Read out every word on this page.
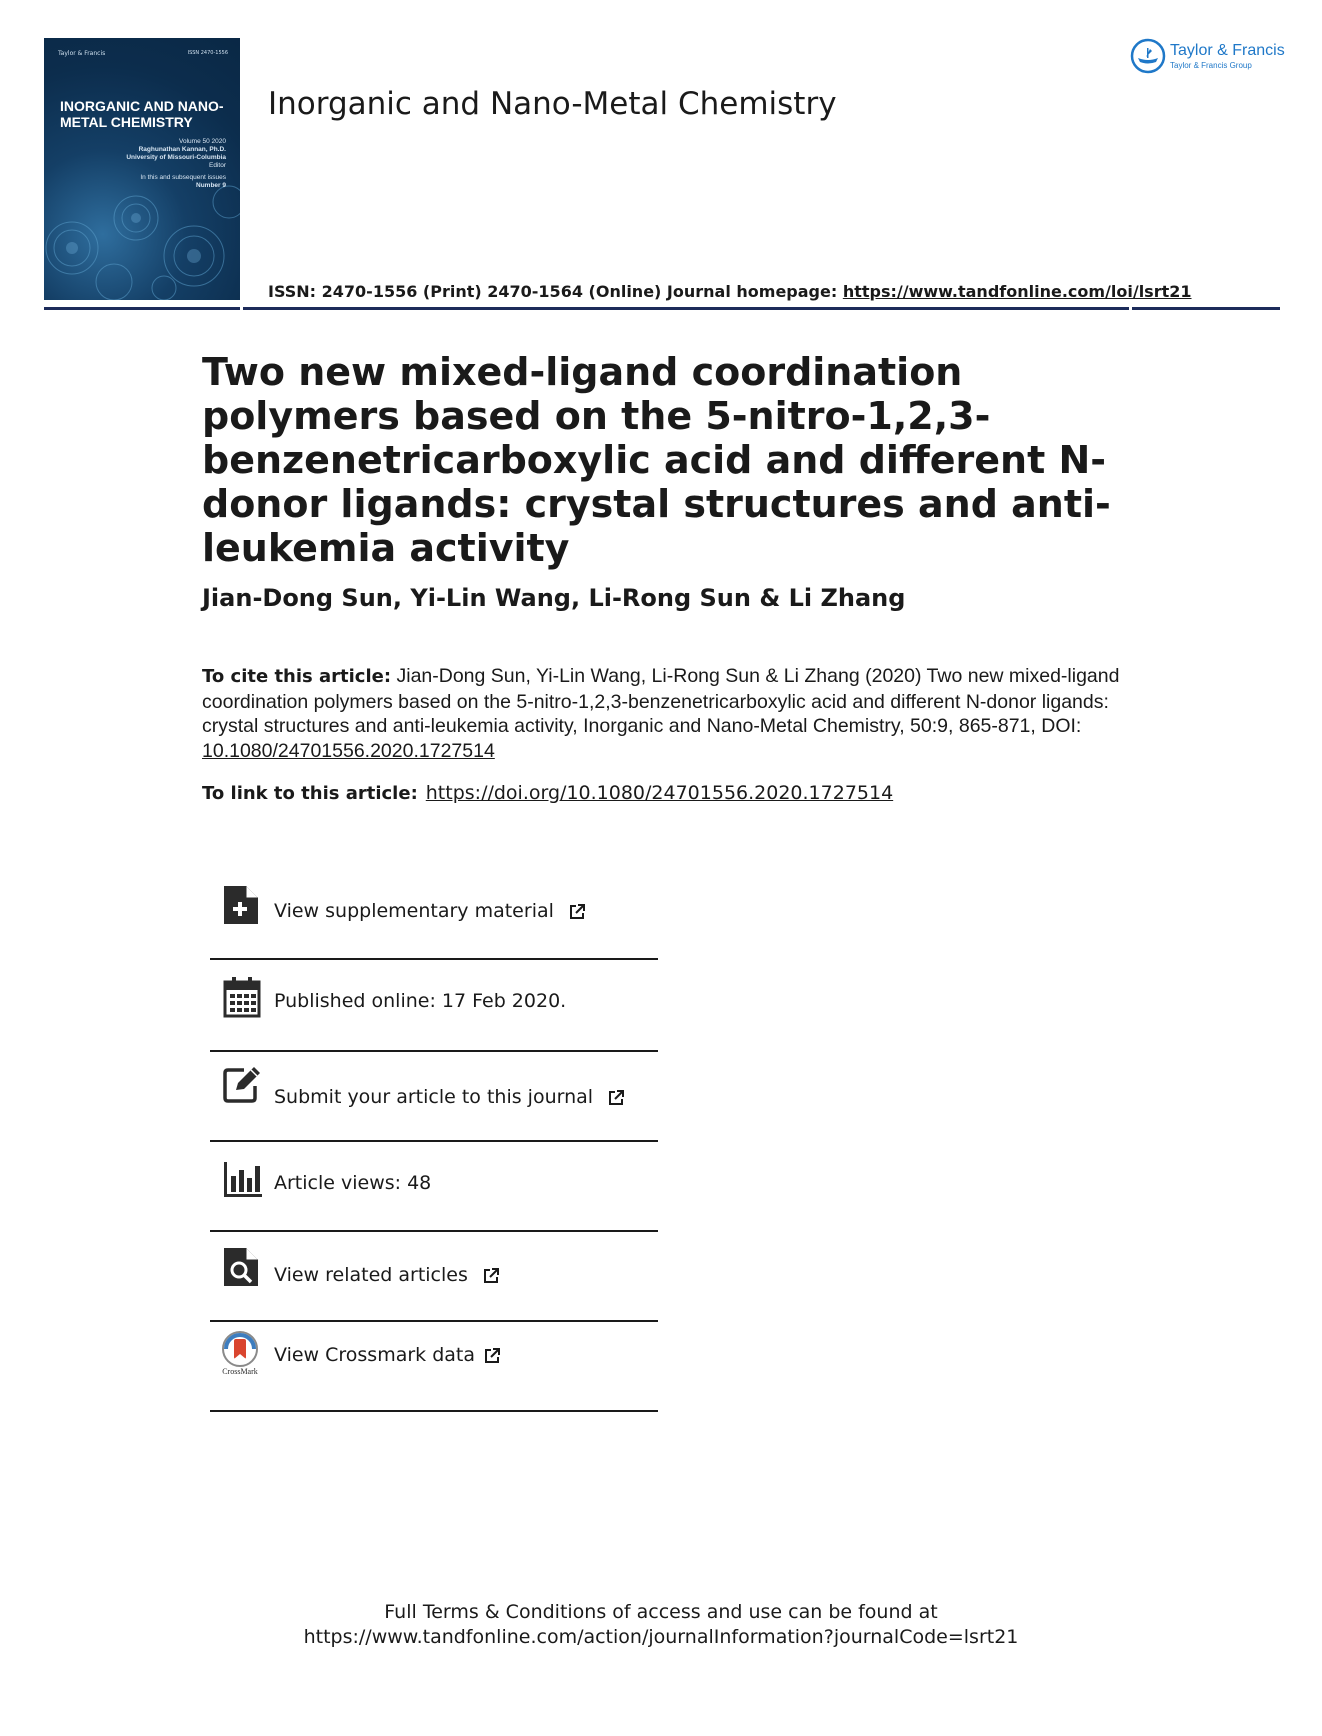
Taylor & Francis	ISSN 2470-1556
INORGANIC AND NANO-METAL CHEMISTRY
Volume 50 2020
Raghunathan Kannan, Ph.D.
University of Missouri-Columbia
Editor
In this and subsequent issues
Number 9
Inorganic and Nano-Metal Chemistry
ISSN: 2470-1556 (Print) 2470-1564 (Online) Journal homepage: https://www.tandfonline.com/loi/lsrt21
Taylor & Francis
Taylor & Francis Group
Two new mixed-ligand coordination polymers based on the 5-nitro-1,2,3-benzenetricarboxylic acid and different N-donor ligands: crystal structures and anti-leukemia activity
Jian-Dong Sun, Yi-Lin Wang, Li-Rong Sun & Li Zhang
To cite this article: Jian-Dong Sun, Yi-Lin Wang, Li-Rong Sun & Li Zhang (2020) Two new mixed-ligand coordination polymers based on the 5-nitro-1,2,3-benzenetricarboxylic acid and different N-donor ligands: crystal structures and anti-leukemia activity, Inorganic and Nano-Metal Chemistry, 50:9, 865-871, DOI: 10.1080/24701556.2020.1727514
To link to this article: https://doi.org/10.1080/24701556.2020.1727514
View supplementary material
Published online: 17 Feb 2020.
Submit your article to this journal
Article views: 48
View related articles
CrossMark
View Crossmark data
Full Terms & Conditions of access and use can be found at
https://www.tandfonline.com/action/journalInformation?journalCode=lsrt21
